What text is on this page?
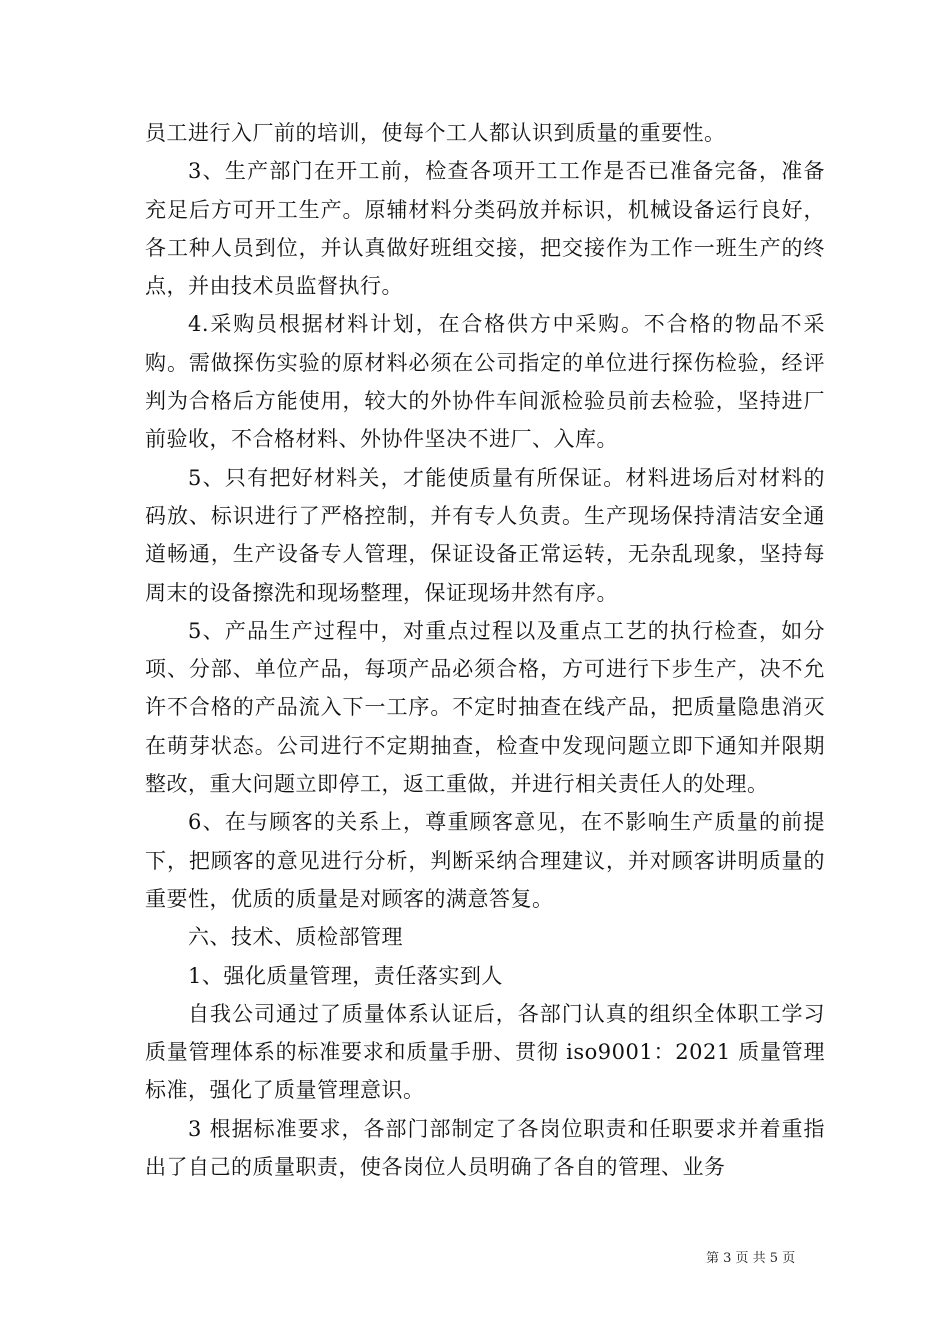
员工进行入厂前的培训，使每个工人都认识到质量的重要性。

3、生产部门在开工前，检查各项开工工作是否已准备完备，准备充足后方可开工生产。原辅材料分类码放并标识，机械设备运行良好，各工种人员到位，并认真做好班组交接，把交接作为工作一班生产的终点，并由技术员监督执行。

4.采购员根据材料计划，在合格供方中采购。不合格的物品不采购。需做探伤实验的原材料必须在公司指定的单位进行探伤检验，经评判为合格后方能使用，较大的外协件车间派检验员前去检验，坚持进厂前验收，不合格材料、外协件坚决不进厂、入库。

5、只有把好材料关，才能使质量有所保证。材料进场后对材料的码放、标识进行了严格控制，并有专人负责。生产现场保持清洁安全通道畅通，生产设备专人管理，保证设备正常运转，无杂乱现象，坚持每周末的设备擦洗和现场整理，保证现场井然有序。

5、产品生产过程中，对重点过程以及重点工艺的执行检查，如分项、分部、单位产品，每项产品必须合格，方可进行下步生产，决不允许不合格的产品流入下一工序。不定时抽查在线产品，把质量隐患消灭在萌芽状态。公司进行不定期抽查，检查中发现问题立即下通知并限期整改，重大问题立即停工，返工重做，并进行相关责任人的处理。

6、在与顾客的关系上，尊重顾客意见，在不影响生产质量的前提下，把顾客的意见进行分析，判断采纳合理建议，并对顾客讲明质量的重要性，优质的质量是对顾客的满意答复。

六、技术、质检部管理

1、强化质量管理，责任落实到人

自我公司通过了质量体系认证后，各部门认真的组织全体职工学习质量管理体系的标准要求和质量手册、贯彻 iso9001：2021 质量管理标准，强化了质量管理意识。

3 根据标准要求，各部门部制定了各岗位职责和任职要求并着重指出了自己的质量职责，使各岗位人员明确了各自的管理、业务

第 3 页 共 5 页
